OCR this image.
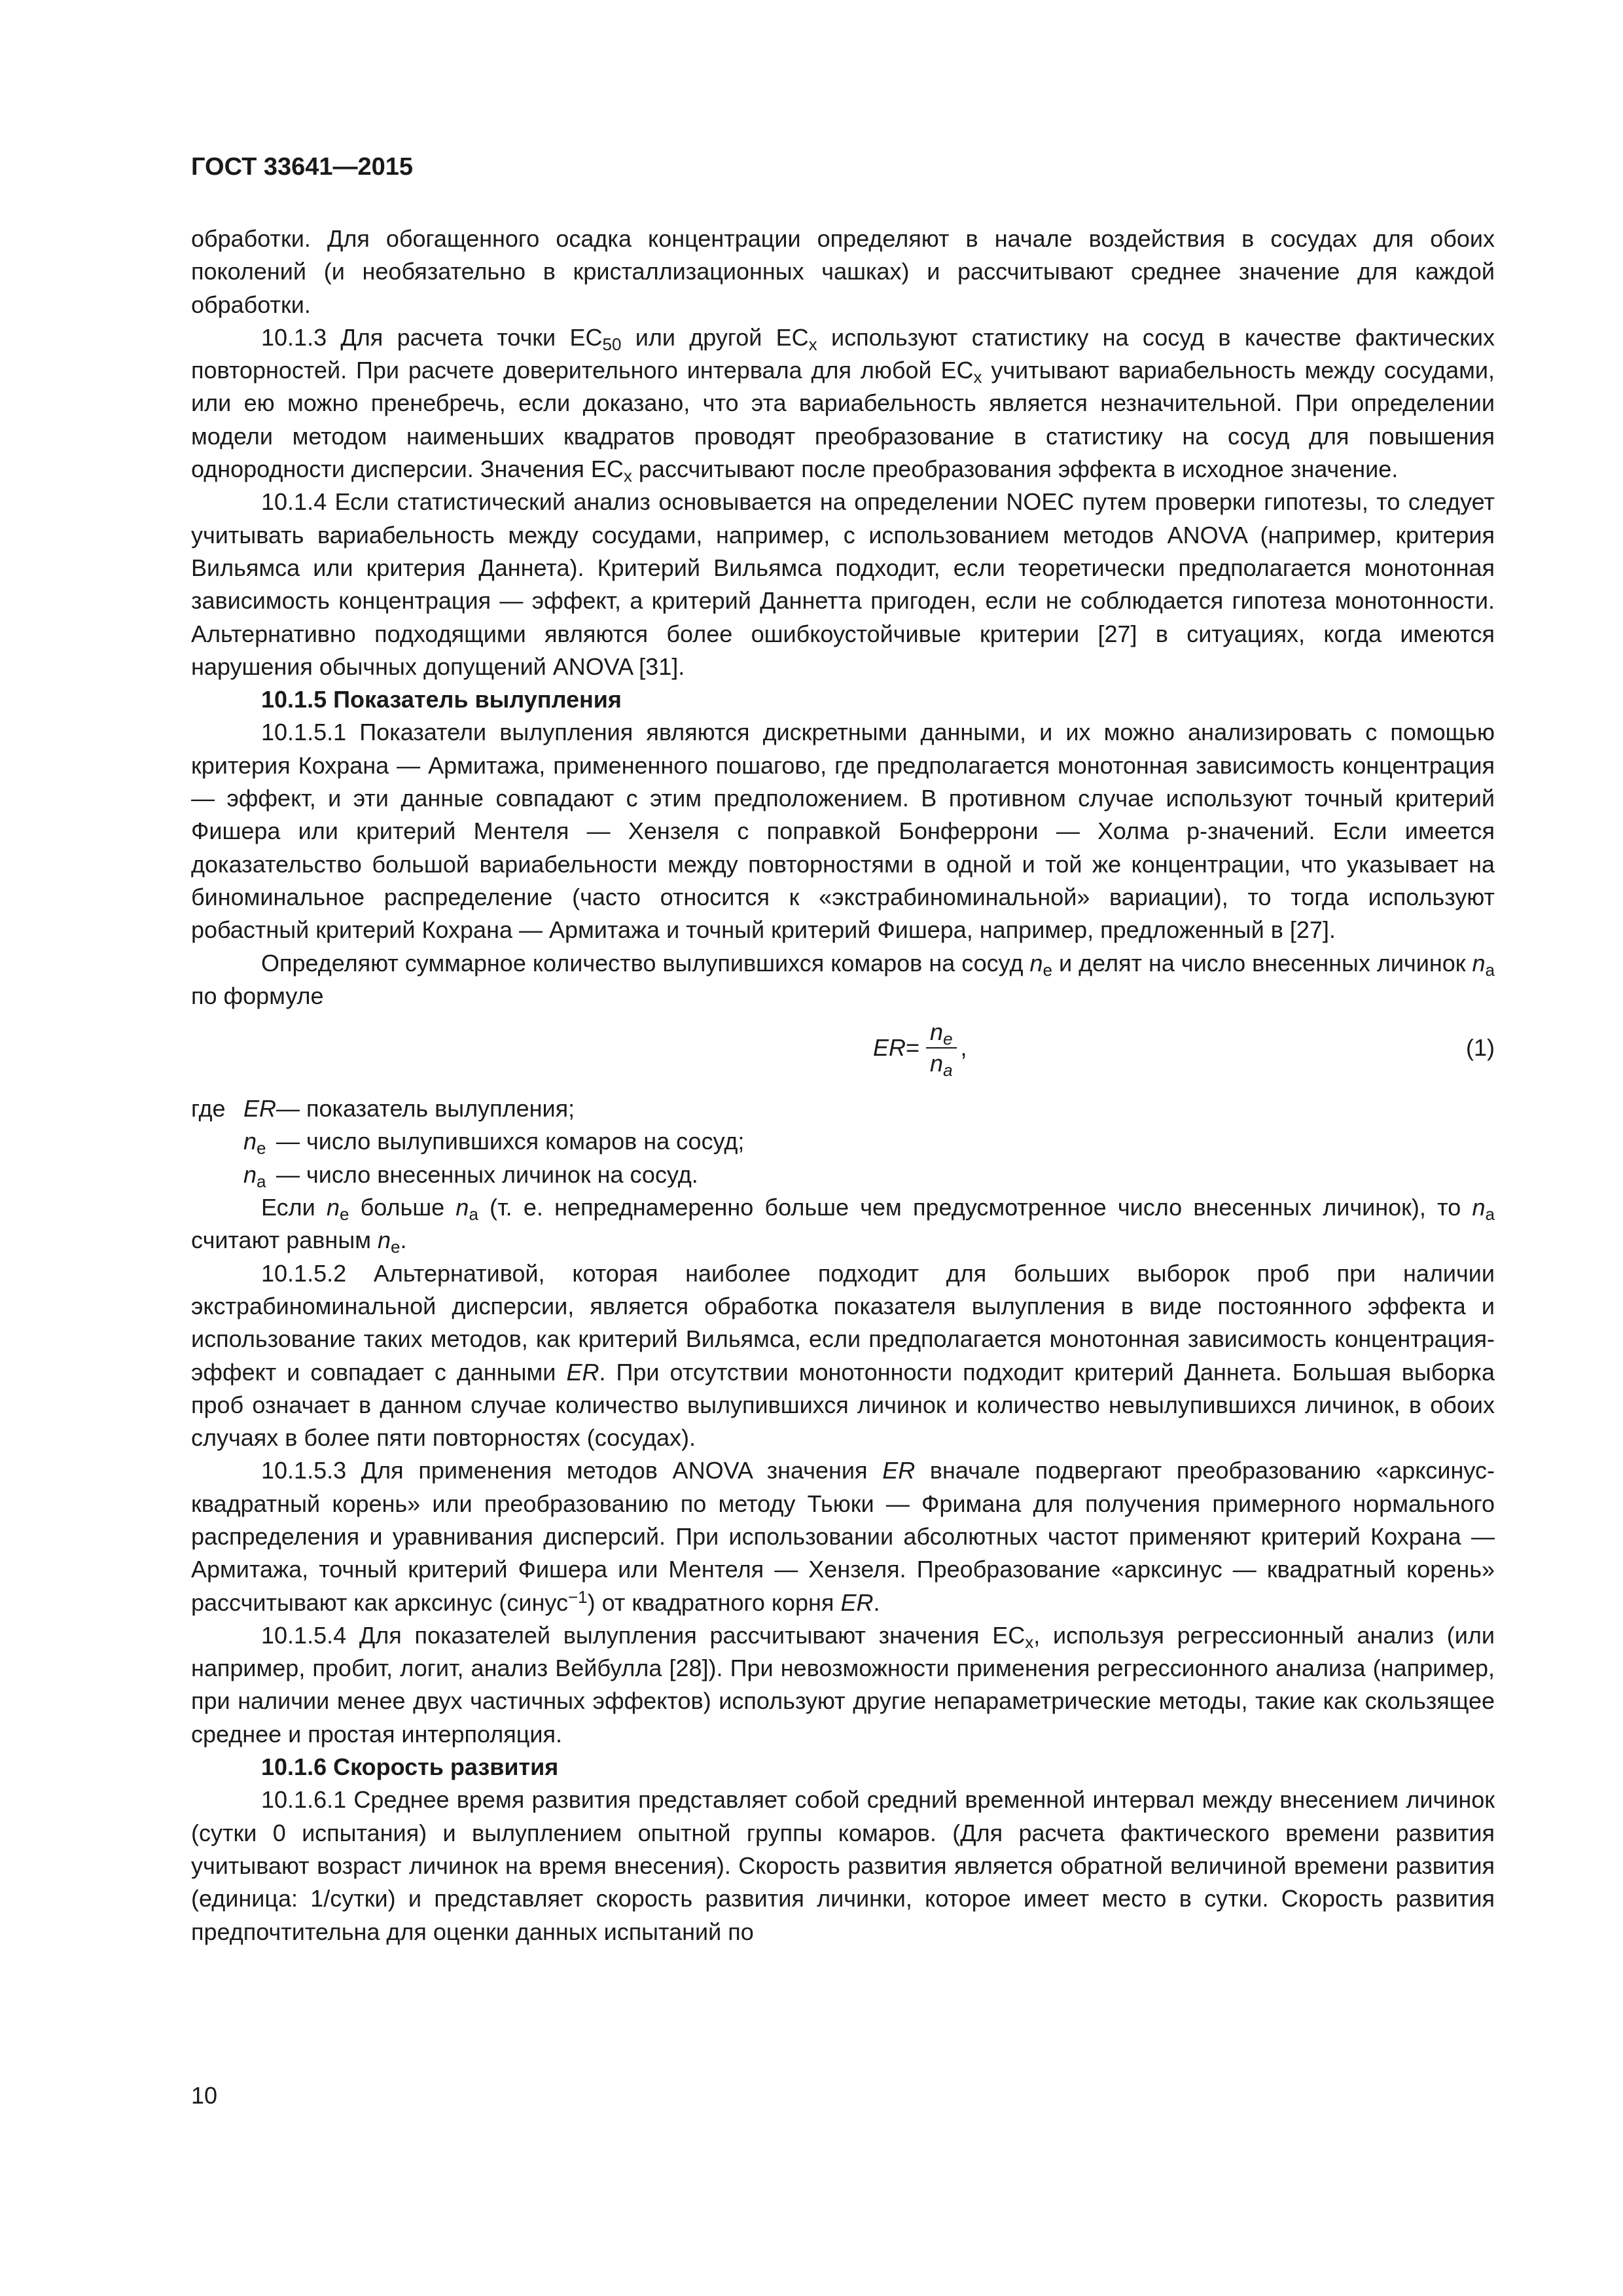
ГОСТ 33641—2015

обработки. Для обогащенного осадка концентрации определяют в начале воздействия в сосудах для обоих поколений (и необязательно в кристаллизационных чашках) и рассчитывают среднее значение для каждой обработки.

10.1.3 Для расчета точки $EC_{50}$ или другой $EC_x$ используют статистику на сосуд в качестве фактических повторностей. При расчете доверительного интервала для любой $EC_x$ учитывают вариабельность между сосудами, или ею можно пренебречь, если доказано, что эта вариабельность является незначительной. При определении модели методом наименьших квадратов проводят преобразование в статистику на сосуд для повышения однородности дисперсии. Значения $EC_x$ рассчитывают после преобразования эффекта в исходное значение.

10.1.4 Если статистический анализ основывается на определении NOEC путем проверки гипотезы, то следует учитывать вариабельность между сосудами, например, с использованием методов ANOVA (например, критерия Вильямса или критерия Даннета). Критерий Вильямса подходит, если теоретически предполагается монотонная зависимость концентрация — эффект, а критерий Даннетта пригоден, если не соблюдается гипотеза монотонности. Альтернативно подходящими являются более ошибкоустойчивые критерии [27] в ситуациях, когда имеются нарушения обычных допущений ANOVA [31].

10.1.5 Показатель вылупления

10.1.5.1 Показатели вылупления являются дискретными данными, и их можно анализировать с помощью критерия Кохрана — Армитажа, примененного пошагово, где предполагается монотонная зависимость концентрация — эффект, и эти данные совпадают с этим предположением. В противном случае используют точный критерий Фишера или критерий Ментеля — Хензеля с поправкой Бонферрони — Холма p-значений. Если имеется доказательство большой вариабельности между повторностями в одной и той же концентрации, что указывает на биноминальное распределение (часто относится к «экстрабиноминальной» вариации), то тогда используют робастный критерий Кохрана — Армитажа и точный критерий Фишера, например, предложенный в [27].

Определяют суммарное количество вылупившихся комаров на сосуд $n_e$ и делят на число внесенных личинок $n_a$ по формуле

ER = $\frac{n_e}{n_a}$ ,	(1)
где ER — показатель вылупления;
$n_e$ — число вылупившихся комаров на сосуд;
$n_a$ — число внесенных личинок на сосуд.

Если $n_e$ больше $n_a$ (т. е. непреднамеренно больше чем предусмотренное число внесенных личинок), то $n_a$ считают равным $n_e$.

10.1.5.2 Альтернативой, которая наиболее подходит для больших выборок проб при наличии экстрабиноминальной дисперсии, является обработка показателя вылупления в виде постоянного эффекта и использование таких методов, как критерий Вильямса, если предполагается монотонная зависимость концентрация-эффект и совпадает с данными ER. При отсутствии монотонности подходит критерий Даннета. Большая выборка проб означает в данном случае количество вылупившихся личинок и количество невылупившихся личинок, в обоих случаях в более пяти повторностях (сосудах).

10.1.5.3 Для применения методов ANOVA значения ER вначале подвергают преобразованию «арксинус-квадратный корень» или преобразованию по методу Тьюки — Фримана для получения примерного нормального распределения и уравнивания дисперсий. При использовании абсолютных частот применяют критерий Кохрана — Армитажа, точный критерий Фишера или Ментеля — Хензеля. Преобразование «арксинус — квадратный корень» рассчитывают как арксинус (синус$^{-1}$) от квадратного корня ER.

10.1.5.4 Для показателей вылупления рассчитывают значения $EC_x$, используя регрессионный анализ (или например, пробит, логит, анализ Вейбулла [28]). При невозможности применения регрессионного анализа (например, при наличии менее двух частичных эффектов) используют другие непараметрические методы, такие как скользящее среднее и простая интерполяция.

10.1.6 Скорость развития

10.1.6.1 Среднее время развития представляет собой средний временной интервал между внесением личинок (сутки 0 испытания) и вылуплением опытной группы комаров. (Для расчета фактического времени развития учитывают возраст личинок на время внесения). Скорость развития является обратной величиной времени развития (единица: 1/сутки) и представляет скорость развития личинки, которое имеет место в сутки. Скорость развития предпочтительна для оценки данных испытаний по

10
